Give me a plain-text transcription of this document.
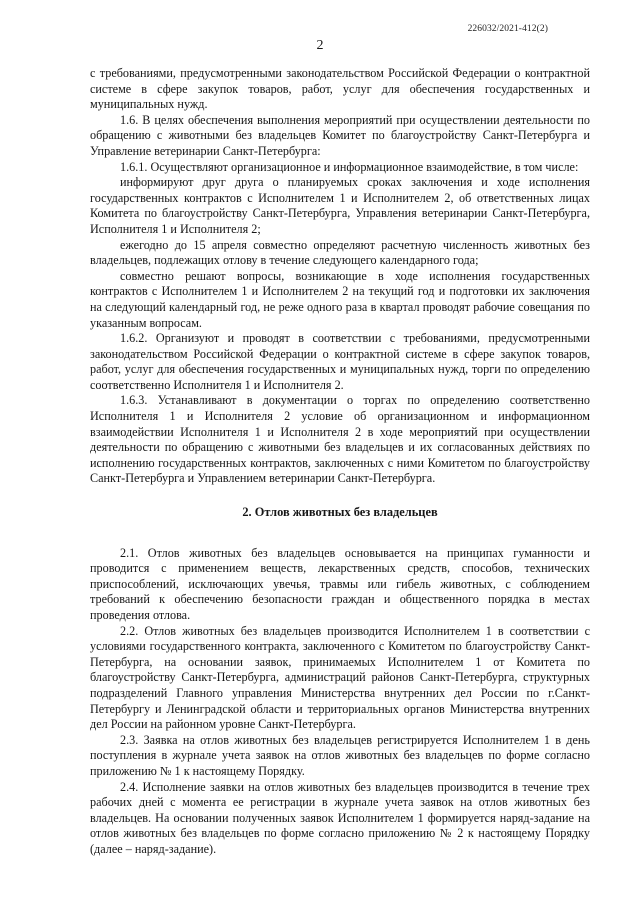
226032/2021-412(2)
2

с требованиями, предусмотренными законодательством Российской Федерации о контрактной системе в сфере закупок товаров, работ, услуг для обеспечения государственных и муниципальных нужд.

1.6. В целях обеспечения выполнения мероприятий при осуществлении деятельности по обращению с животными без владельцев Комитет по благоустройству Санкт-Петербурга и Управление ветеринарии Санкт-Петербурга:

1.6.1. Осуществляют организационное и информационное взаимодействие, в том числе:

информируют друг друга о планируемых сроках заключения и ходе исполнения государственных контрактов с Исполнителем 1 и Исполнителем 2, об ответственных лицах Комитета по благоустройству Санкт-Петербурга, Управления ветеринарии Санкт-Петербурга, Исполнителя 1 и Исполнителя 2;

ежегодно до 15 апреля совместно определяют расчетную численность животных без владельцев, подлежащих отлову в течение следующего календарного года;

совместно решают вопросы, возникающие в ходе исполнения государственных контрактов с Исполнителем 1 и Исполнителем 2 на текущий год и подготовки их заключения на следующий календарный год, не реже одного раза в квартал проводят рабочие совещания по указанным вопросам.

1.6.2. Организуют и проводят в соответствии с требованиями, предусмотренными законодательством Российской Федерации о контрактной системе в сфере закупок товаров, работ, услуг для обеспечения государственных и муниципальных нужд, торги по определению соответственно Исполнителя 1 и Исполнителя 2.

1.6.3. Устанавливают в документации о торгах по определению соответственно Исполнителя 1 и Исполнителя 2 условие об организационном и информационном взаимодействии Исполнителя 1 и Исполнителя 2 в ходе мероприятий при осуществлении деятельности по обращению с животными без владельцев и их согласованных действиях по исполнению государственных контрактов, заключенных с ними Комитетом по благоустройству Санкт-Петербурга и Управлением ветеринарии Санкт-Петербурга.

2. Отлов животных без владельцев

2.1. Отлов животных без владельцев основывается на принципах гуманности и проводится с применением веществ, лекарственных средств, способов, технических приспособлений, исключающих увечья, травмы или гибель животных, с соблюдением требований к обеспечению безопасности граждан и общественного порядка в местах проведения отлова.

2.2. Отлов животных без владельцев производится Исполнителем 1 в соответствии с условиями государственного контракта, заключенного с Комитетом по благоустройству Санкт-Петербурга, на основании заявок, принимаемых Исполнителем 1 от Комитета по благоустройству Санкт-Петербурга, администраций районов Санкт-Петербурга, структурных подразделений Главного управления Министерства внутренних дел России по г.Санкт-Петербургу и Ленинградской области и территориальных органов Министерства внутренних дел России на районном уровне Санкт-Петербурга.

2.3. Заявка на отлов животных без владельцев регистрируется Исполнителем 1 в день поступления в журнале учета заявок на отлов животных без владельцев по форме согласно приложению № 1 к настоящему Порядку.

2.4. Исполнение заявки на отлов животных без владельцев производится в течение трех рабочих дней с момента ее регистрации в журнале учета заявок на отлов животных без владельцев. На основании полученных заявок Исполнителем 1 формируется наряд-задание на отлов животных без владельцев по форме согласно приложению № 2 к настоящему Порядку (далее – наряд-задание).
